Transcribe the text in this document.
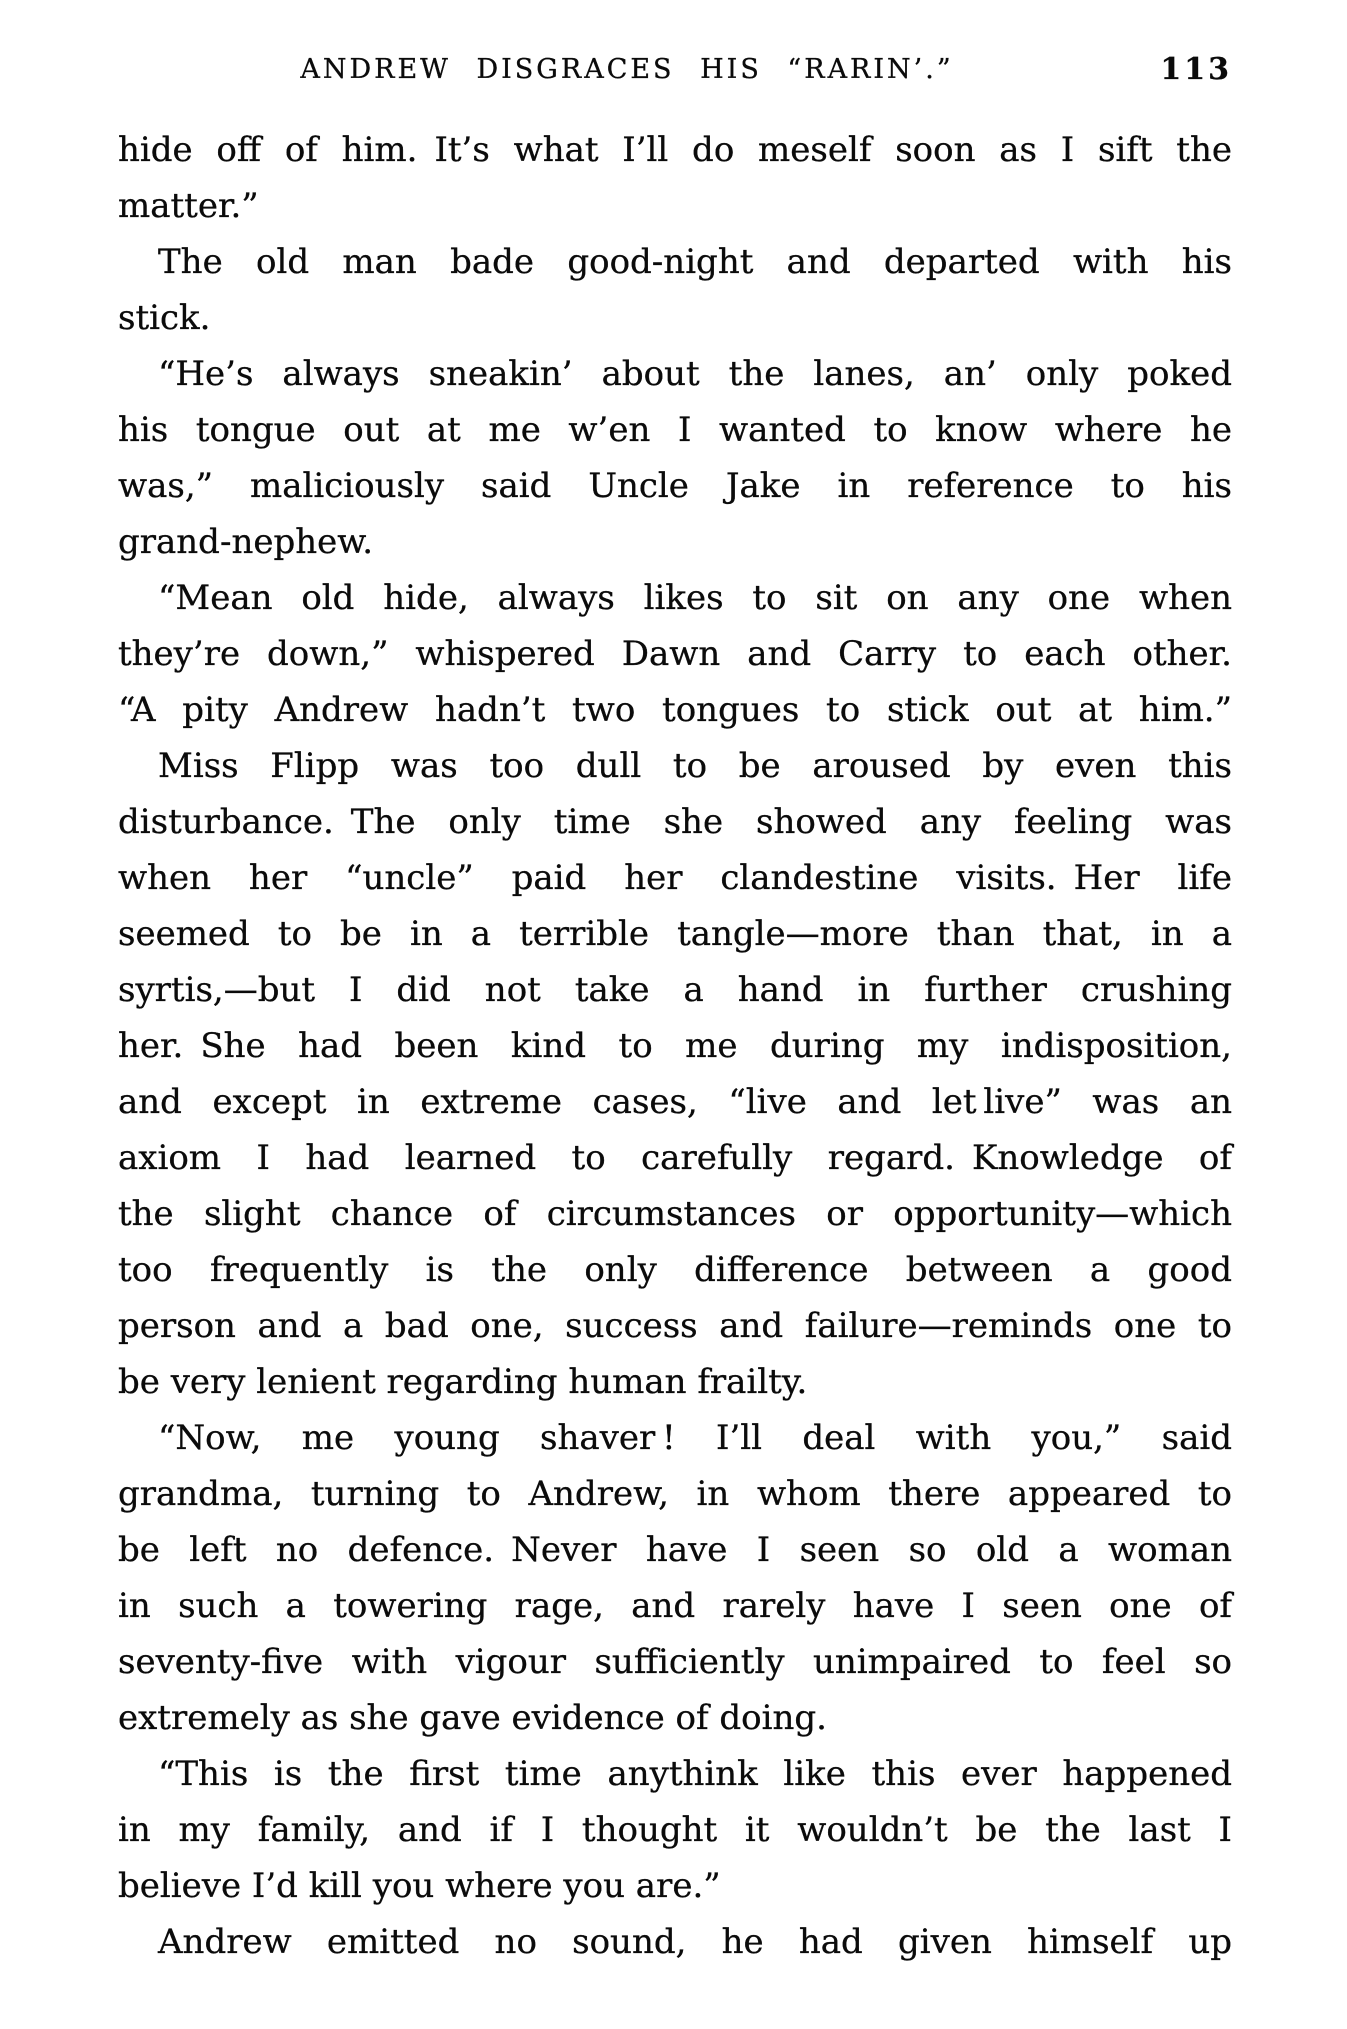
ANDREW DISGRACES HIS “RARIN’.”	113

hide off of him. It’s what I’ll do meself soon as I sift the
matter.”

The old man bade good-night and departed with his
stick.

“He’s always sneakin’ about the lanes, an’ only poked
his tongue out at me w’en I wanted to know where he
was,” maliciously said Uncle Jake in reference to his
grand-nephew.

“Mean old hide, always likes to sit on any one when
they’re down,” whispered Dawn and Carry to each other.
“A pity Andrew hadn’t two tongues to stick out at him.”

Miss Flipp was too dull to be aroused by even this
disturbance. The only time she showed any feeling was
when her “uncle” paid her clandestine visits. Her life
seemed to be in a terrible tangle—more than that, in a
syrtis,—but I did not take a hand in further crushing
her. She had been kind to me during my indisposition,
and except in extreme cases, “live and let live” was an
axiom I had learned to carefully regard. Knowledge of
the slight chance of circumstances or opportunity—which
too frequently is the only difference between a good
person and a bad one, success and failure—reminds one to
be very lenient regarding human frailty.

“Now, me young shaver ! I’ll deal with you,” said
grandma, turning to Andrew, in whom there appeared to
be left no defence. Never have I seen so old a woman
in such a towering rage, and rarely have I seen one of
seventy-five with vigour sufficiently unimpaired to feel so
extremely as she gave evidence of doing.

“This is the first time anythink like this ever happened
in my family, and if I thought it wouldn’t be the last I
believe I’d kill you where you are.”

Andrew emitted no sound, he had given himself up
